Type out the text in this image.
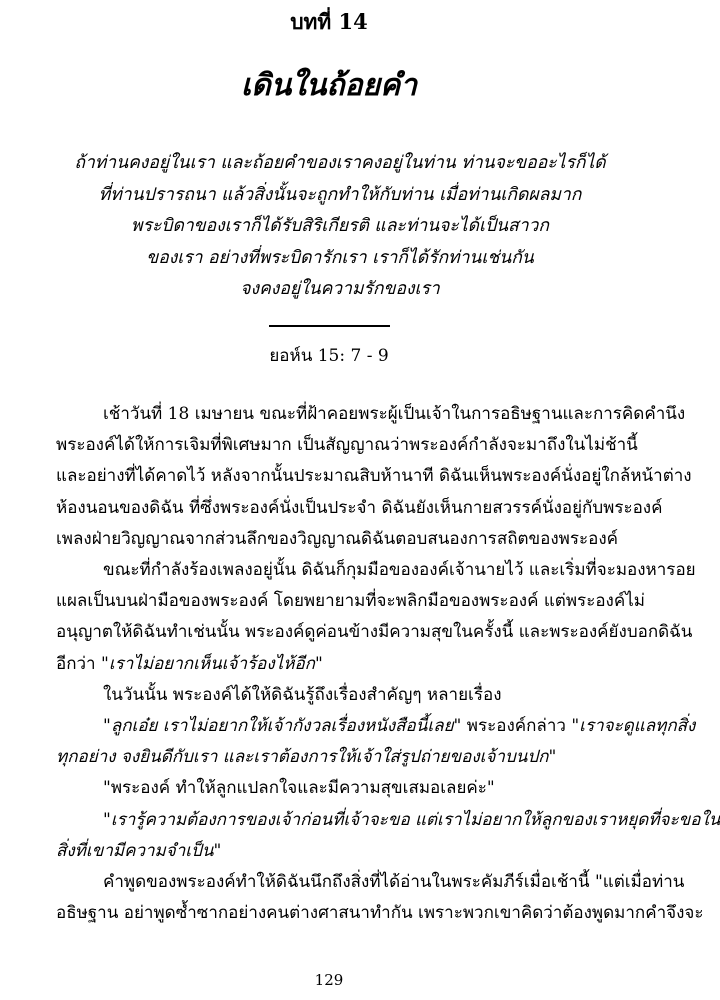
บทที่ 14
เดินในถ้อยคำ
ถ้าท่านคงอยู่ในเรา และถ้อยคำของเราคงอยู่ในท่าน ท่านจะขออะไรก็ได้
ที่ท่านปรารถนา แล้วสิ่งนั้นจะถูกทำให้กับท่าน เมื่อท่านเกิดผลมาก
พระบิดาของเราก็ได้รับสิริเกียรติ และท่านจะได้เป็นสาวก
ของเรา อย่างที่พระบิดารักเรา เราก็ได้รักท่านเช่นกัน
จงคงอยู่ในความรักของเรา
ยอห์น 15: 7 - 9
เช้าวันที่ 18 เมษายน ขณะที่ฝ้าคอยพระผู้เป็นเจ้าในการอธิษฐานและการคิดคำนึง
พระองค์ได้ให้การเจิมที่พิเศษมาก เป็นสัญญาณว่าพระองค์กำลังจะมาถึงในไม่ช้านี้
และอย่างที่ได้คาดไว้ หลังจากนั้นประมาณสิบห้านาที ดิฉันเห็นพระองค์นั่งอยู่ใกล้หน้าต่าง
ห้องนอนของดิฉัน ที่ซึ่งพระองค์นั่งเป็นประจำ ดิฉันยังเห็นกายสวรรค์นั่งอยู่กับพระองค์
เพลงฝ่ายวิญญาณจากส่วนลึกของวิญญาณดิฉันตอบสนองการสถิตของพระองค์
ขณะที่กำลังร้องเพลงอยู่นั้น ดิฉันก็กุมมือขององค์เจ้านายไว้ และเริ่มที่จะมองหารอย
แผลเป็นบนฝ่ามือของพระองค์ โดยพยายามที่จะพลิกมือของพระองค์ แต่พระองค์ไม่
อนุญาตให้ดิฉันทำเช่นนั้น พระองค์ดูค่อนข้างมีความสุขในครั้งนี้ และพระองค์ยังบอกดิฉัน
อีกว่า "เราไม่อยากเห็นเจ้าร้องไห้อีก"
ในวันนั้น พระองค์ได้ให้ดิฉันรู้ถึงเรื่องสำคัญๆ หลายเรื่อง
"ลูกเอ๋ย เราไม่อยากให้เจ้ากังวลเรื่องหนังสือนี้เลย" พระองค์กล่าว "เราจะดูแลทุกสิ่ง
ทุกอย่าง จงยินดีกับเรา และเราต้องการให้เจ้าใส่รูปถ่ายของเจ้าบนปก"
"พระองค์ ทำให้ลูกแปลกใจและมีความสุขเสมอเลยค่ะ"
"เรารู้ความต้องการของเจ้าก่อนที่เจ้าจะขอ แต่เราไม่อยากให้ลูกของเราหยุดที่จะขอใน
สิ่งที่เขามีความจำเป็น"
คำพูดของพระองค์ทำให้ดิฉันนึกถึงสิ่งที่ได้อ่านในพระคัมภีร์เมื่อเช้านี้ "แต่เมื่อท่าน
อธิษฐาน อย่าพูดซ้ำซากอย่างคนต่างศาสนาทำกัน เพราะพวกเขาคิดว่าต้องพูดมากคำจึงจะ
129
